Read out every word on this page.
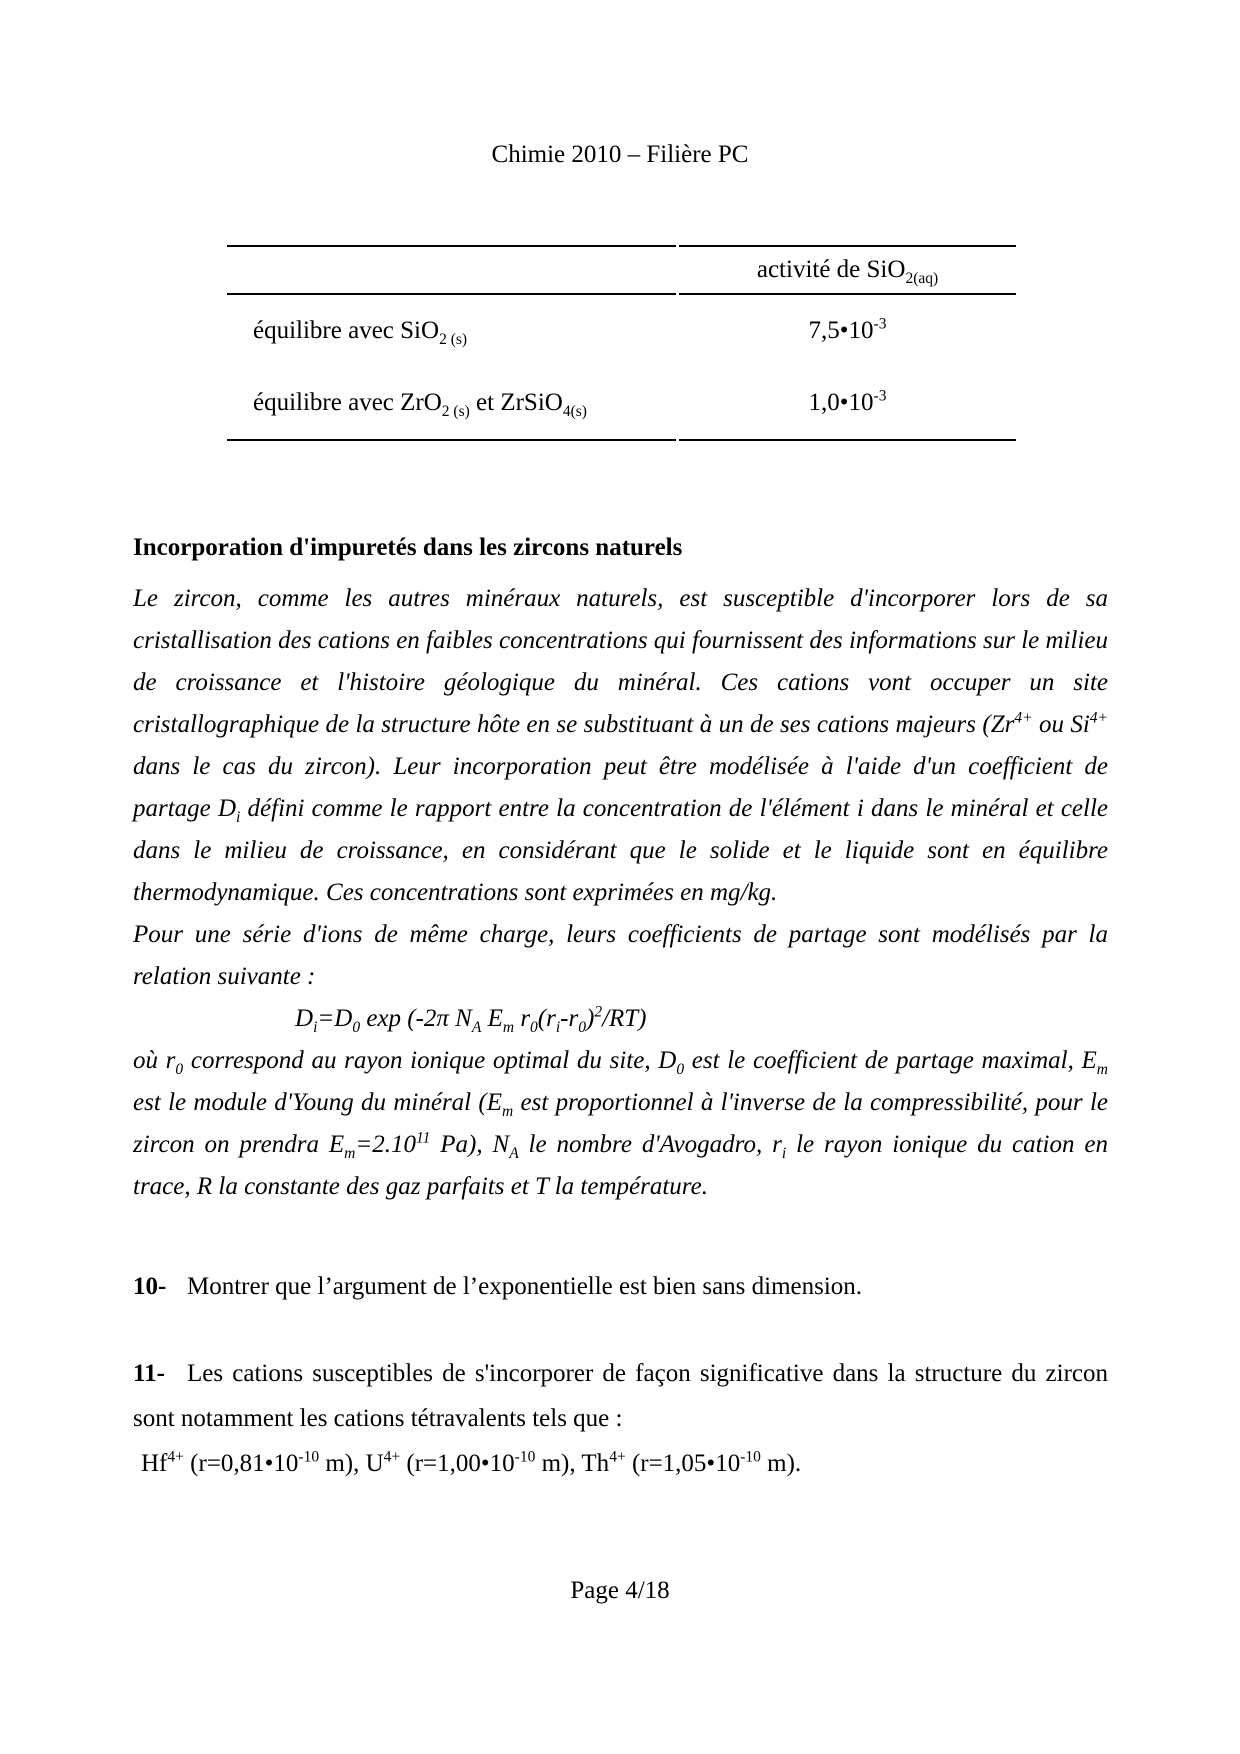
Chimie 2010 – Filière PC
	activité de SiO$_{2(aq)}$
équilibre avec SiO$_{2 (s)}$	$7,5•10^{-3}$
équilibre avec ZrO$_{2 (s)}$ et ZrSiO$_{4(s)}$	$1,0•10^{-3}$
Incorporation d'impuretés dans les zircons naturels

Le zircon, comme les autres minéraux naturels, est susceptible d'incorporer lors de sa cristallisation des cations en faibles concentrations qui fournissent des informations sur le milieu de croissance et l'histoire géologique du minéral. Ces cations vont occuper un site cristallographique de la structure hôte en se substituant à un de ses cations majeurs ($Zr^{4+}$ ou $Si^{4+}$ dans le cas du zircon). Leur incorporation peut être modélisée à l'aide d'un coefficient de partage $D_i$ défini comme le rapport entre la concentration de l'élément i dans le minéral et celle dans le milieu de croissance, en considérant que le solide et le liquide sont en équilibre thermodynamique. Ces concentrations sont exprimées en mg/kg.

Pour une série d'ions de même charge, leurs coefficients de partage sont modélisés par la relation suivante :

$D_i=D_0$ exp (-2π $N_A$ $E_m$ $r_0(r_i-r_0)^2/RT$)

où $r_0$ correspond au rayon ionique optimal du site, $D_0$ est le coefficient de partage maximal, $E_m$ est le module d'Young du minéral ($E_m$ est proportionnel à l'inverse de la compressibilité, pour le zircon on prendra $E_m=2.10^{11}$ Pa), $N_A$ le nombre d'Avogadro, $r_i$ le rayon ionique du cation en trace, R la constante des gaz parfaits et T la température.

10- Montrer que l’argument de l’exponentielle est bien sans dimension.
11- Les cations susceptibles de s'incorporer de façon significative dans la structure du zircon sont notamment les cations tétravalents tels que :

$Hf^{4+}$ ($r=0,81•10^{-10}$ m), $U^{4+}$ ($r=1,00•10^{-10}$ m), $Th^{4+}$ ($r=1,05•10^{-10}$ m).

Page 4/18
